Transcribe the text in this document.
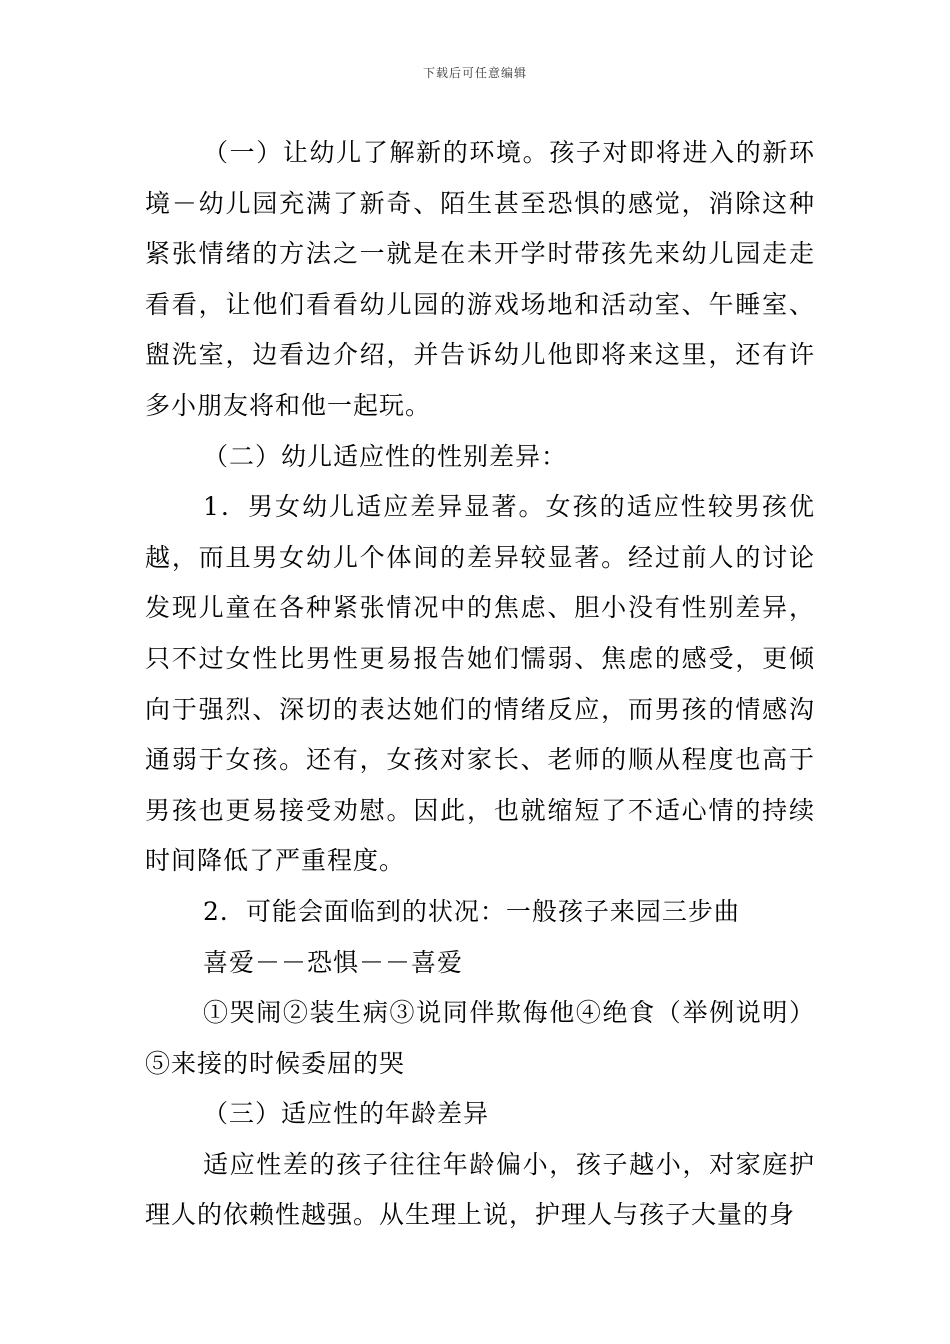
下载后可任意编辑

（一）让幼儿了解新的环境。孩子对即将进入的新环境－幼儿园充满了新奇、陌生甚至恐惧的感觉，消除这种紧张情绪的方法之一就是在未开学时带孩先来幼儿园走走看看，让他们看看幼儿园的游戏场地和活动室、午睡室、盥洗室，边看边介绍，并告诉幼儿他即将来这里，还有许多小朋友将和他一起玩。

（二）幼儿适应性的性别差异：

1．男女幼儿适应差异显著。女孩的适应性较男孩优越，而且男女幼儿个体间的差异较显著。经过前人的讨论发现儿童在各种紧张情况中的焦虑、胆小没有性别差异，只不过女性比男性更易报告她们懦弱、焦虑的感受，更倾向于强烈、深切的表达她们的情绪反应，而男孩的情感沟通弱于女孩。还有，女孩对家长、老师的顺从程度也高于男孩也更易接受劝慰。因此，也就缩短了不适心情的持续时间降低了严重程度。

2．可能会面临到的状况：一般孩子来园三步曲

喜爱－－恐惧－－喜爱

①哭闹②装生病③说同伴欺侮他④绝食（举例说明）⑤来接的时候委屈的哭

（三）适应性的年龄差异

适应性差的孩子往往年龄偏小，孩子越小，对家庭护理人的依赖性越强。从生理上说，护理人与孩子大量的身
